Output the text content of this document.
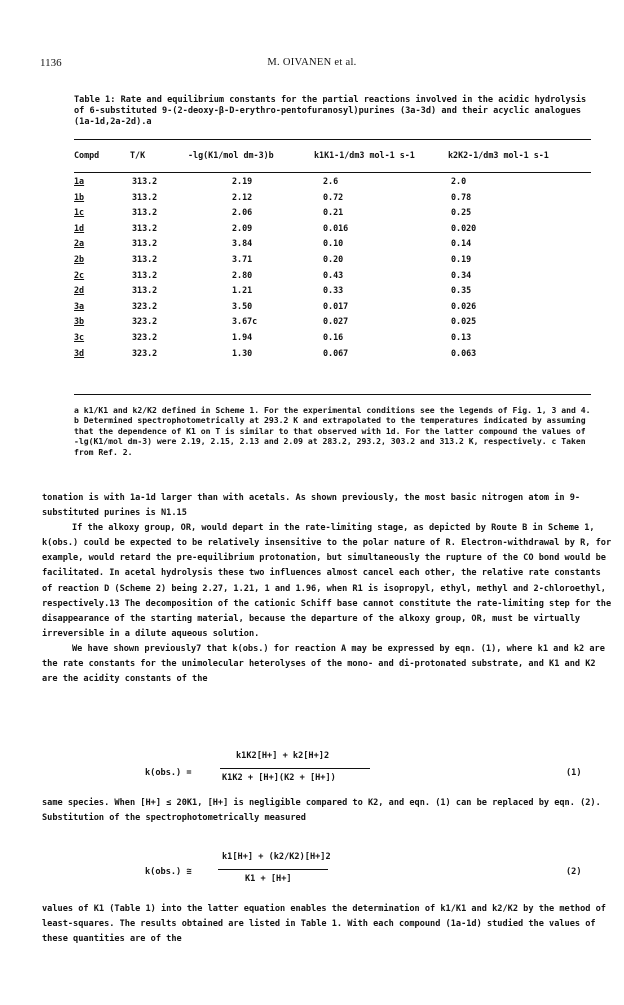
1136	M. OIVANEN et al.
Table 1: Rate and equilibrium constants for the partial reactions involved in the acidic hydrolysis of 6-substituted 9-(2-deoxy-β-D-erythro-pentofuranosyl)purines (3a-3d) and their acyclic analogues (1a-1d,2a-2d).a
Compd	T/K	-lg(K1/mol dm-3)b	k1K1-1/dm3 mol-1 s-1	k2K2-1/dm3 mol-1 s-1
1a	313.2	2.19	2.6	2.0
1b	313.2	2.12	0.72	0.78
1c	313.2	2.06	0.21	0.25
1d	313.2	2.09	0.016	0.020
2a	313.2	3.84	0.10	0.14
2b	313.2	3.71	0.20	0.19
2c	313.2	2.80	0.43	0.34
2d	313.2	1.21	0.33	0.35
3a	323.2	3.50	0.017	0.026
3b	323.2	3.67c	0.027	0.025
3c	323.2	1.94	0.16	0.13
3d	323.2	1.30	0.067	0.063
a k1/K1 and k2/K2 defined in Scheme 1. For the experimental conditions see the legends of Fig. 1, 3 and 4. b Determined spectrophotometrically at 293.2 K and extrapolated to the temperatures indicated by assuming that the dependence of K1 on T is similar to that observed with 1d. For the latter compound the values of -lg(K1/mol dm-3) were 2.19, 2.15, 2.13 and 2.09 at 283.2, 293.2, 303.2 and 313.2 K, respectively. c Taken from Ref. 2.

tonation is with 1a-1d larger than with acetals. As shown previously, the most basic nitrogen atom in 9-substituted purines is N1.15

If the alkoxy group, OR, would depart in the rate-limiting stage, as depicted by Route B in Scheme 1, k(obs.) could be expected to be relatively insensitive to the polar nature of R. Electron-withdrawal by R, for example, would retard the pre-equilibrium protonation, but simultaneously the rupture of the CO bond would be facilitated. In acetal hydrolysis these two influences almost cancel each other, the relative rate constants of reaction D (Scheme 2) being 2.27, 1.21, 1 and 1.96, when R1 is isopropyl, ethyl, methyl and 2-chloroethyl, respectively.13 The decomposition of the cationic Schiff base cannot constitute the rate-limiting step for the disappearance of the starting material, because the departure of the alkoxy group, OR, must be virtually irreversible in a dilute aqueous solution.

We have shown previously7 that k(obs.) for reaction A may be expressed by eqn. (1), where k1 and k2 are the rate constants for the unimolecular heterolyses of the mono- and di-protonated substrate, and K1 and K2 are the acidity constants of the

k(obs.) =
k1K2[H+] + k2[H+]2
K1K2 + [H+](K2 + [H+])	(1)
same species. When [H+] ≤ 20K1, [H+] is negligible compared to K2, and eqn. (1) can be replaced by eqn. (2). Substitution of the spectrophotometrically measured
k(obs.) ≅
k1[H+] + (k2/K2)[H+]2
K1 + [H+]
(2)
values of K1 (Table 1) into the latter equation enables the determination of k1/K1 and k2/K2 by the method of least-squares. The results obtained are listed in Table 1. With each compound (1a-1d) studied the values of these quantities are of the
